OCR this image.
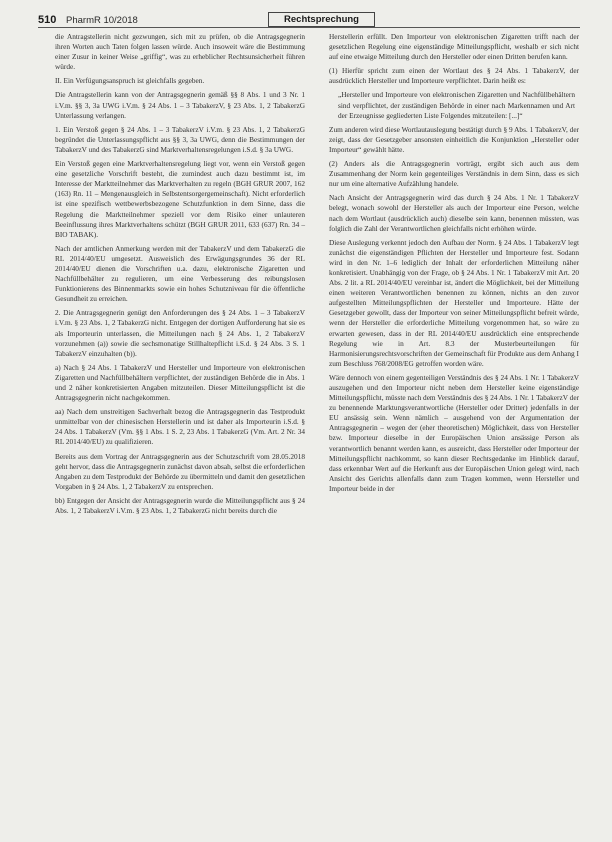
510 PharmR 10/2018	Rechtsprechung

die Antragstellerin nicht gezwungen, sich mit zu prüfen, ob die Antragsgegnerin ihren Worten auch Taten folgen lassen würde. Auch insoweit wäre die Bestimmung einer Zusur in keiner Weise „griffig“, was zu erheblicher Rechtsunsicherheit führen würde.

II. Ein Verfügungsanspruch ist gleichfalls gegeben.

Die Antragstellerin kann von der Antragsgegnerin gemäß §§ 8 Abs. 1 und 3 Nr. 1 i.V.m. §§ 3, 3a UWG i.V.m. § 24 Abs. 1 – 3 TabakerzV, § 23 Abs. 1, 2 TabakerzG Unterlassung verlangen.

1. Ein Verstoß gegen § 24 Abs. 1 – 3 TabakerzV i.V.m. § 23 Abs. 1, 2 TabakerzG begründet die Unterlassungspflicht aus §§ 3, 3a UWG, denn die Bestimmungen der TabakerzV und des TabakerzG sind Marktverhaltensregelungen i.S.d. § 3a UWG.

Ein Verstoß gegen eine Marktverhaltensregelung liegt vor, wenn ein Verstoß gegen eine gesetzliche Vorschrift besteht, die zumindest auch dazu bestimmt ist, im Interesse der Marktteilnehmer das Marktverhalten zu regeln (BGH GRUR 2007, 162 (163) Rn. 11 – Mengenausgleich in Selbstentsorgergemeinschaft). Nicht erforderlich ist eine spezifisch wettbewerbsbezogene Schutzfunktion in dem Sinne, dass die Regelung die Marktteilnehmer speziell vor dem Risiko einer unlauteren Beeinflussung ihres Marktverhaltens schützt (BGH GRUR 2011, 633 (637) Rn. 34 – BIO TABAK).

Nach der amtlichen Anmerkung werden mit der TabakerzV und dem TabakerzG die RL 2014/40/EU umgesetzt. Ausweislich des Erwägungsgrundes 36 der RL 2014/40/EU dienen die Vorschriften u.a. dazu, elektronische Zigaretten und Nachfüllbehälter zu regulieren, um eine Verbesserung des reibungslosen Funktionierens des Binnenmarkts sowie ein hohes Schutzniveau für die öffentliche Gesundheit zu erreichen.

2. Die Antragsgegnerin genügt den Anforderungen des § 24 Abs. 1 – 3 TabakerzV i.V.m. § 23 Abs. 1, 2 TabakerzG nicht. Entgegen der dortigen Aufforderung hat sie es als Importeurin unterlassen, die Mitteilungen nach § 24 Abs. 1, 2 TabakerzV vorzunehmen (a)) sowie die sechsmonatige Stillhaltepflicht i.S.d. § 24 Abs. 3 S. 1 TabakerzV einzuhalten (b)).

a) Nach § 24 Abs. 1 TabakerzV und Hersteller und Importeure von elektronischen Zigaretten und Nachfüllbehältern verpflichtet, der zuständigen Behörde die in Abs. 1 und 2 näher konkretisierten Angaben mitzuteilen. Dieser Mitteilungspflicht ist die Antragsgegnerin nicht nachgekommen.

aa) Nach dem unstreitigen Sachverhalt bezog die Antragsgegnerin das Testprodukt unmittelbar von der chinesischen Herstellerin und ist daher als Importeurin i.S.d. § 24 Abs. 1 TabakerzV (Vm. §§ 1 Abs. 1 S. 2, 23 Abs. 1 TabakerzG (Vm. Art. 2 Nr. 34 RL 2014/40/EU) zu qualifizieren.

Bereits aus dem Vortrag der Antragsgegnerin aus der Schutzschrift vom 28.05.2018 geht hervor, dass die Antragsgegnerin zunächst davon absah, selbst die erforderlichen Angaben zu dem Testprodukt der Behörde zu übermitteln und damit den gesetzlichen Vorgaben in § 24 Abs. 1, 2 TabakerzV zu entsprechen.

bb) Entgegen der Ansicht der Antragsgegnerin wurde die Mitteilungspflicht aus § 24 Abs. 1, 2 TabakerzV i.V.m. § 23 Abs. 1, 2 TabakerzG nicht bereits durch die

Herstellerin erfüllt. Den Importeur von elektronischen Zigaretten trifft nach der gesetzlichen Regelung eine eigenständige Mitteilungspflicht, weshalb er sich nicht auf eine etwaige Mitteilung durch den Hersteller oder einen Dritten berufen kann.

(1) Hierfür spricht zum einen der Wortlaut des § 24 Abs. 1 TabakerzV, der ausdrücklich Hersteller und Importeure verpflichtet. Darin heißt es:

„Hersteller und Importeure von elektronischen Zigaretten und Nachfüllbehältern sind verpflichtet, der zuständigen Behörde in einer nach Markennamen und Art der Erzeugnisse gegliederten Liste Folgendes mitzuteilen: [...]“

Zum anderen wird diese Wortlautauslegung bestätigt durch § 9 Abs. 1 TabakerzV, der zeigt, dass der Gesetzgeber ansonsten einheitlich die Konjunktion „Hersteller oder Importeur“ gewählt hätte.

(2) Anders als die Antragsgegnerin vorträgt, ergibt sich auch aus dem Zusammenhang der Norm kein gegenteiliges Verständnis in dem Sinn, dass es sich nur um eine alternative Aufzählung handele.

Nach Ansicht der Antragsgegnerin wird das durch § 24 Abs. 1 Nr. 1 TabakerzV belegt, wonach sowohl der Hersteller als auch der Importeur eine Person, welche nach dem Wortlaut (ausdrücklich auch) dieselbe sein kann, benennen müssten, was folglich die Zahl der Verantwortlichen gleichfalls nicht erhöhen würde.

Diese Auslegung verkennt jedoch den Aufbau der Norm. § 24 Abs. 1 TabakerzV legt zunächst die eigenständigen Pflichten der Hersteller und Importeure fest. Sodann wird in den Nr. 1–6 lediglich der Inhalt der erforderlichen Mitteilung näher konkretisiert. Unabhängig von der Frage, ob § 24 Abs. 1 Nr. 1 TabakerzV mit Art. 20 Abs. 2 lit. a RL 2014/40/EU vereinbar ist, ändert die Möglichkeit, bei der Mitteilung einen weiteren Verantwortlichen benennen zu können, nichts an den zuvor aufgestellten Mitteilungspflichten der Hersteller und Importeure. Hätte der Gesetzgeber gewollt, dass der Importeur von seiner Mitteilungspflicht befreit würde, wenn der Hersteller die erforderliche Mitteilung vorgenommen hat, so wäre zu erwarten gewesen, dass in der RL 2014/40/EU ausdrücklich eine entsprechende Regelung wie in Art. 8.3 der Musterbeurteilungen für Harmonisierungsrechtsvorschriften der Gemeinschaft für Produkte aus dem Anhang I zum Beschluss 768/2008/EG getroffen worden wäre.

Wäre dennoch von einem gegenteiligen Verständnis des § 24 Abs. 1 Nr. 1 TabakerzV auszugehen und den Importeur nicht neben dem Hersteller keine eigenständige Mitteilungspflicht, müsste nach dem Verständnis des § 24 Abs. 1 Nr. 1 TabakerzV der zu benennende Marktungsverantwortliche (Hersteller oder Dritter) jedenfalls in der EU ansässig sein. Wenn nämlich – ausgehend von der Argumentation der Antragsgegnerin – wegen der (eher theoretischen) Möglichkeit, dass von Hersteller bzw. Importeur dieselbe in der Europäischen Union ansässige Person als verantwortlich benannt werden kann, es ausreicht, dass Hersteller oder Importeur der Mitteilungspflicht nachkommt, so kann dieser Rechtsgedanke im Hinblick darauf, dass erkennbar Wert auf die Herkunft aus der Europäischen Union gelegt wird, nach Ansicht des Gerichts allenfalls dann zum Tragen kommen, wenn Hersteller und Importeur beide in der
